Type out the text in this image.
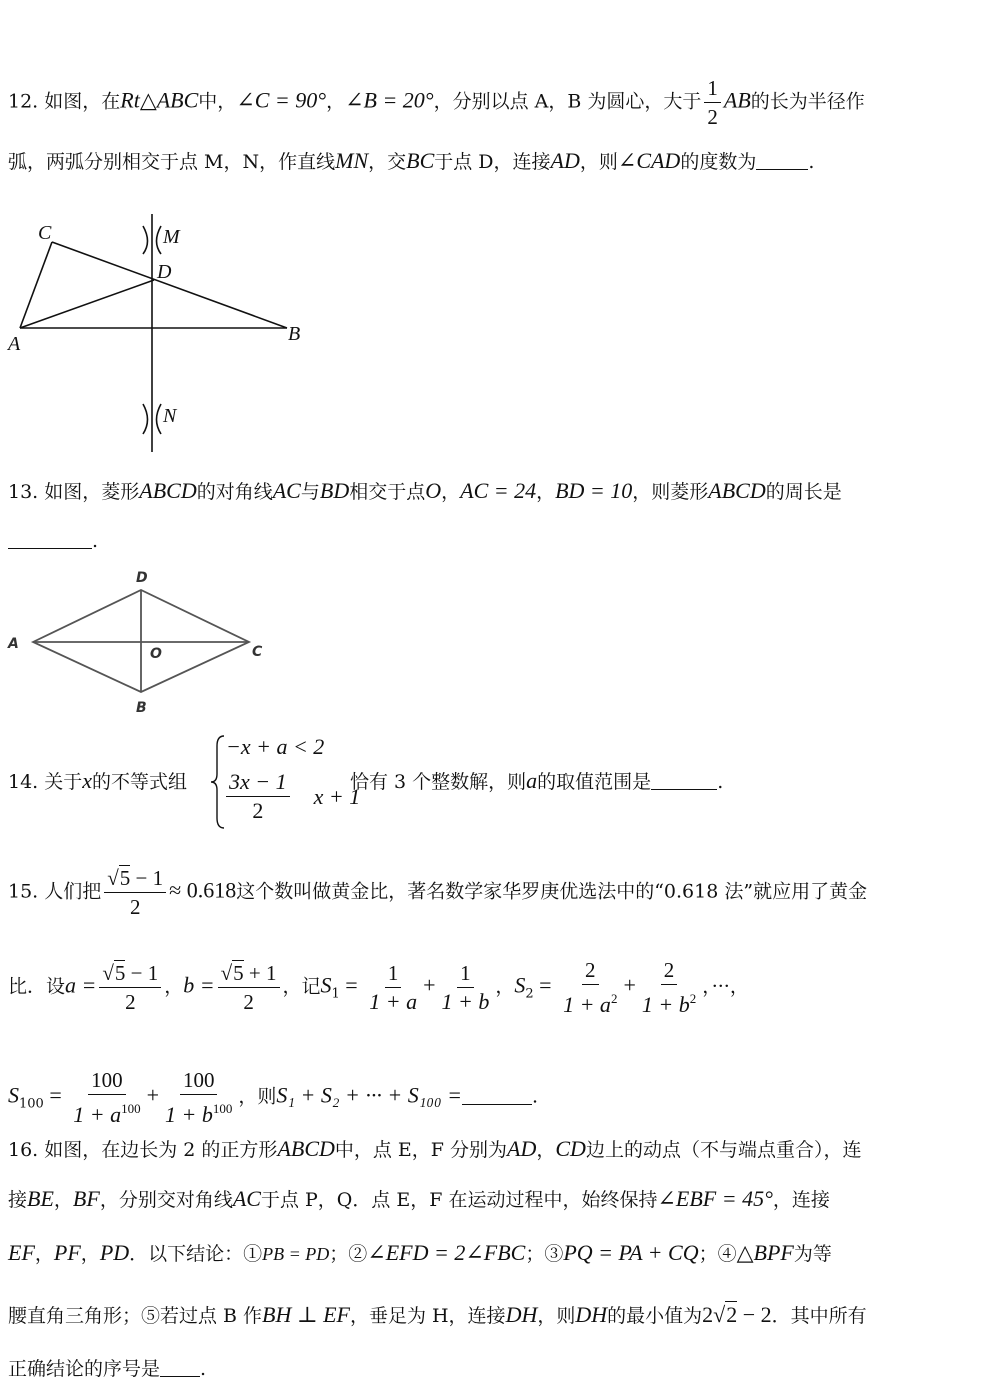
12. 如图，在Rt△ABC中，∠C = 90°，∠B = 20°，分别以点 A，B 为圆心，大于 $\frac{1}{2}$ AB的长为半径作
弧，两弧分别相交于点 M，N，作直线MN，交BC于点 D，连接AD，则∠CAD的度数为	.
C	M
D
A	B
N
13. 如图，菱形ABCD的对角线AC与BD相交于点O，AC = 24，BD = 10，则菱形ABCD的周长是
.
D
A
O	C
B
14. 关于x的不等式组
−x + a < 2
$\frac{3x - 1}{2}$ x + 1
恰有 3 个整数解，则a的取值范围是	.
15. 人们把 $\frac{√5 - 1}{2} \approx 0.618$这个数叫做黄金比，著名数学家华罗庚优选法中的“0.618 法”就应用了黄金
比．设$a = \frac{√5 - 1}{2}$ ，$b = \frac{√5 + 1}{2}$ ，记$S_1 = \frac{1}{1 + a} + \frac{1}{1 + b}$ ，$S_2 = \frac{2}{1 + a^2} + \frac{2}{1 + b^2}$ ，···，
$S_{100} = \frac{100}{1 + a^{100}} + \frac{100}{1 + b^{100}}$ ，则S₁ + S₂ + ··· + S₁₀₀ =	.
16. 如图，在边长为 2 的正方形ABCD中，点 E，F 分别为AD，CD边上的动点（不与端点重合），连
接BE，BF，分别交对角线AC于点 P，Q．点 E，F 在运动过程中，始终保持∠EBF = 45°，连接
EF，PF，PD．以下结论：①PB = PD；②∠EFD = 2∠FBC；③PQ = PA + CQ；④△BPF为等
腰直角三角形；⑤若过点 B 作BH ⊥ EF，垂足为 H，连接DH，则DH的最小值为2√2 − 2．其中所有
正确结论的序号是 .
